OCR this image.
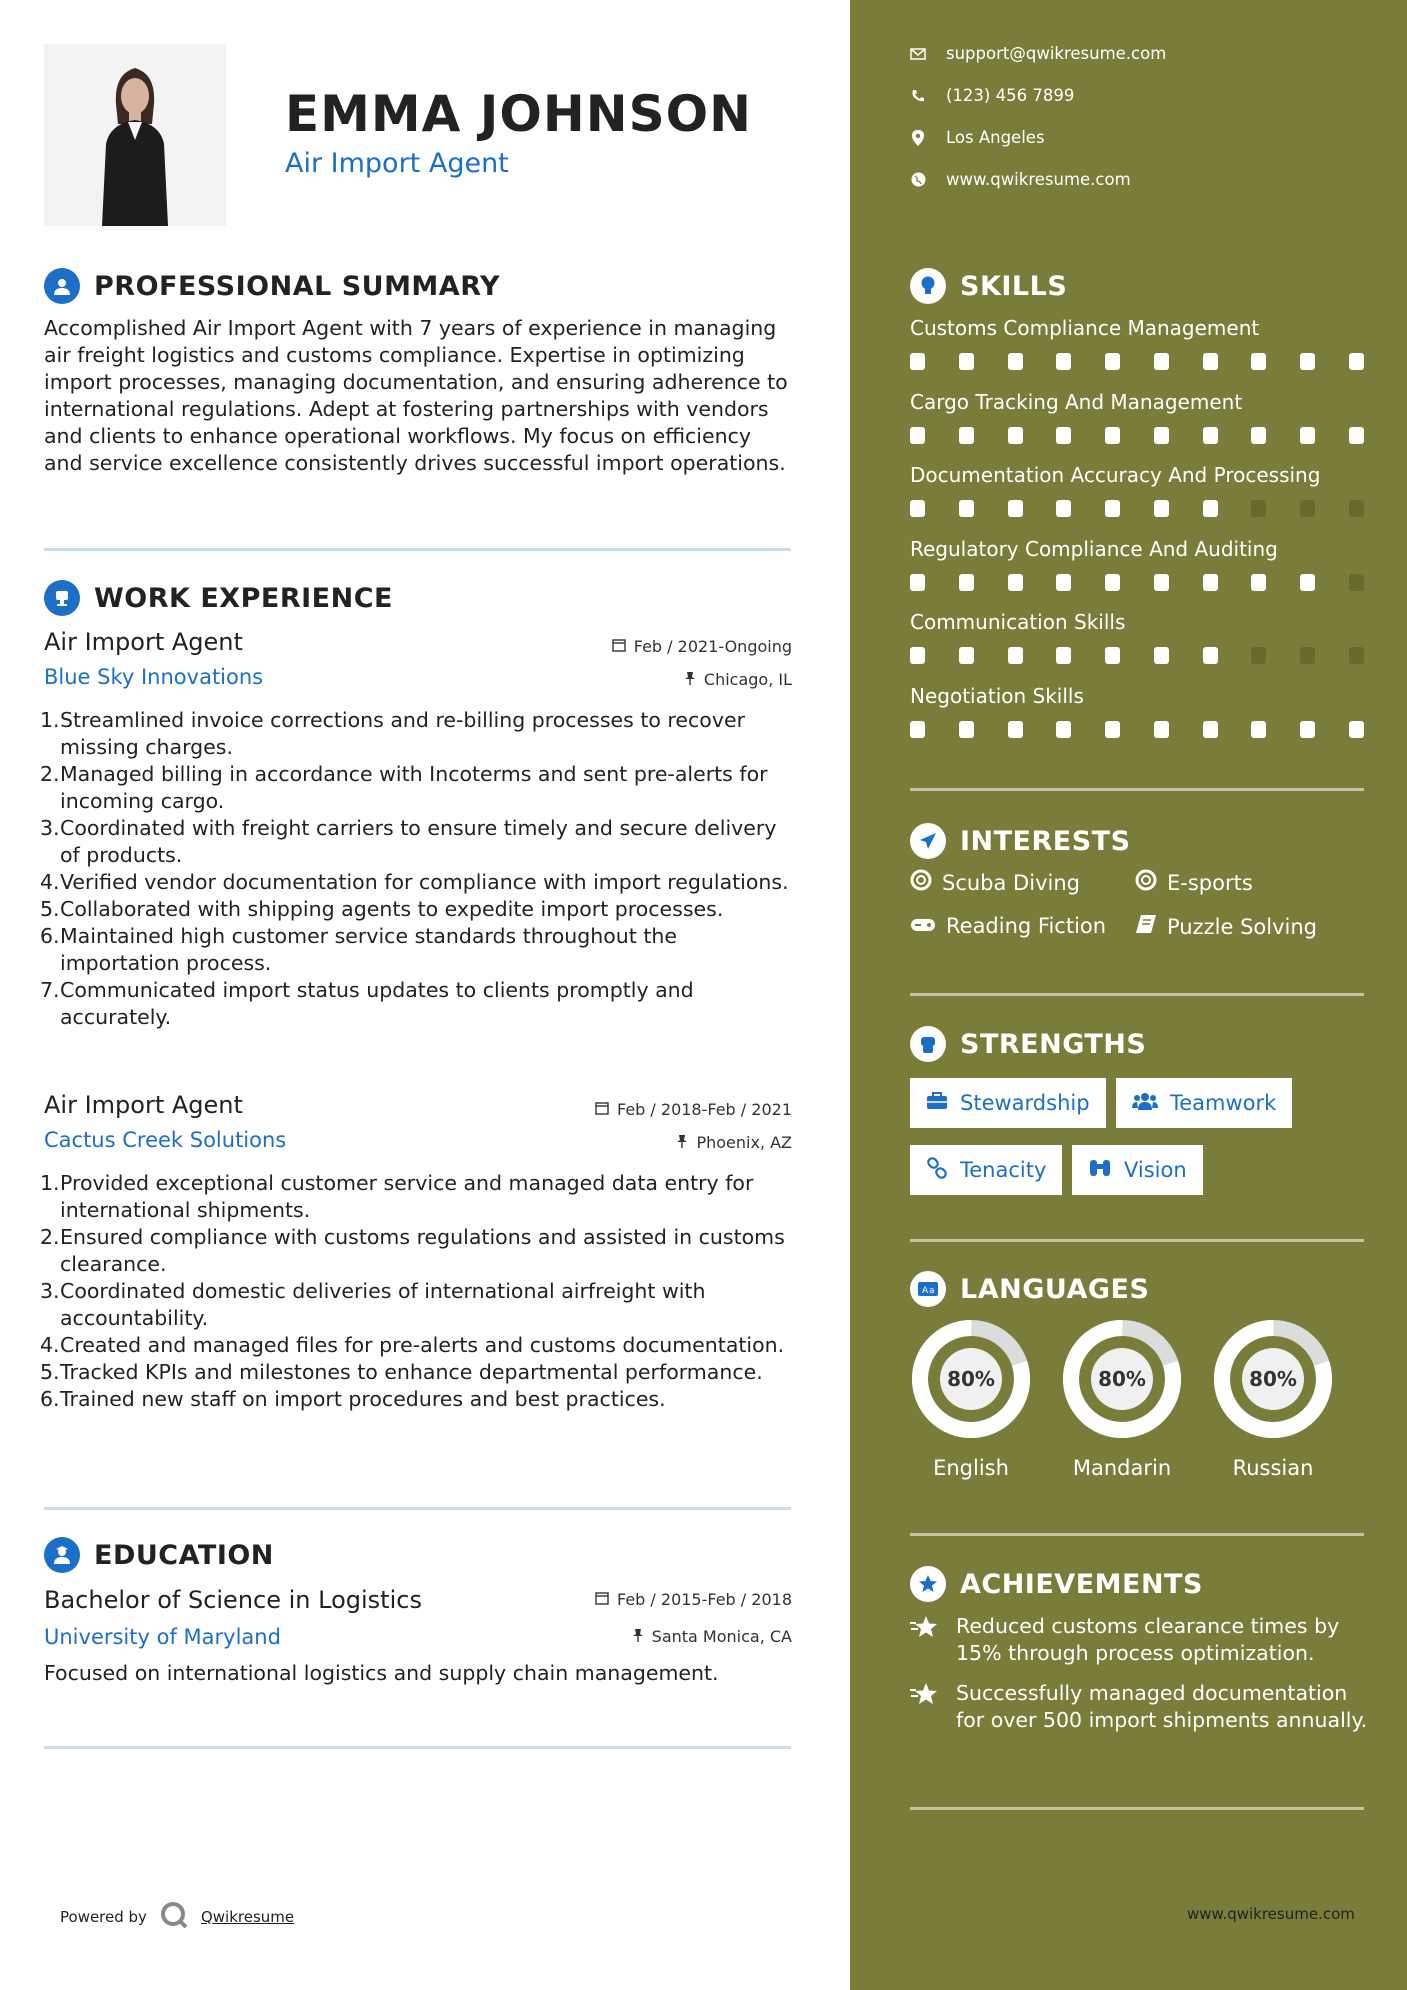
EMMA JOHNSON
Air Import Agent
PROFESSIONAL SUMMARY
Accomplished Air Import Agent with 7 years of experience in managing air freight logistics and customs compliance. Expertise in optimizing import processes, managing documentation, and ensuring adherence to international regulations. Adept at fostering partnerships with vendors and clients to enhance operational workflows. My focus on efficiency and service excellence consistently drives successful import operations.
WORK EXPERIENCE
Air Import Agent	Feb / 2021-Ongoing
Blue Sky Innovations	Chicago, IL
1. Streamlined invoice corrections and re-billing processes to recover missing charges.
2. Managed billing in accordance with Incoterms and sent pre-alerts for incoming cargo.
3. Coordinated with freight carriers to ensure timely and secure delivery of products.
4. Verified vendor documentation for compliance with import regulations.
5. Collaborated with shipping agents to expedite import processes.
6. Maintained high customer service standards throughout the importation process.
7. Communicated import status updates to clients promptly and accurately.
Air Import Agent	Feb / 2018-Feb / 2021
Cactus Creek Solutions	Phoenix, AZ
1. Provided exceptional customer service and managed data entry for international shipments.
2. Ensured compliance with customs regulations and assisted in customs clearance.
3. Coordinated domestic deliveries of international airfreight with accountability.
4. Created and managed files for pre-alerts and customs documentation.
5. Tracked KPIs and milestones to enhance departmental performance.
6. Trained new staff on import procedures and best practices.
EDUCATION
Bachelor of Science in Logistics	Feb / 2015-Feb / 2018
University of Maryland	Santa Monica, CA
Focused on international logistics and supply chain management.
Powered by	Qwikresume
support@qwikresume.com
(123) 456 7899
Los Angeles
www.qwikresume.com
SKILLS
Customs Compliance Management
Cargo Tracking And Management
Documentation Accuracy And Processing
Regulatory Compliance And Auditing
Communication Skills
Negotiation Skills
INTERESTS
Scuba Diving	E-sports
Reading Fiction	Puzzle Solving
STRENGTHS
Stewardship	Teamwork
Tenacity	Vision
A a LANGUAGES
80%
English
80%
Mandarin
80%
Russian
ACHIEVEMENTS
Reduced customs clearance times by 15% through process optimization.
Successfully managed documentation for over 500 import shipments annually.
www.qwikresume.com
